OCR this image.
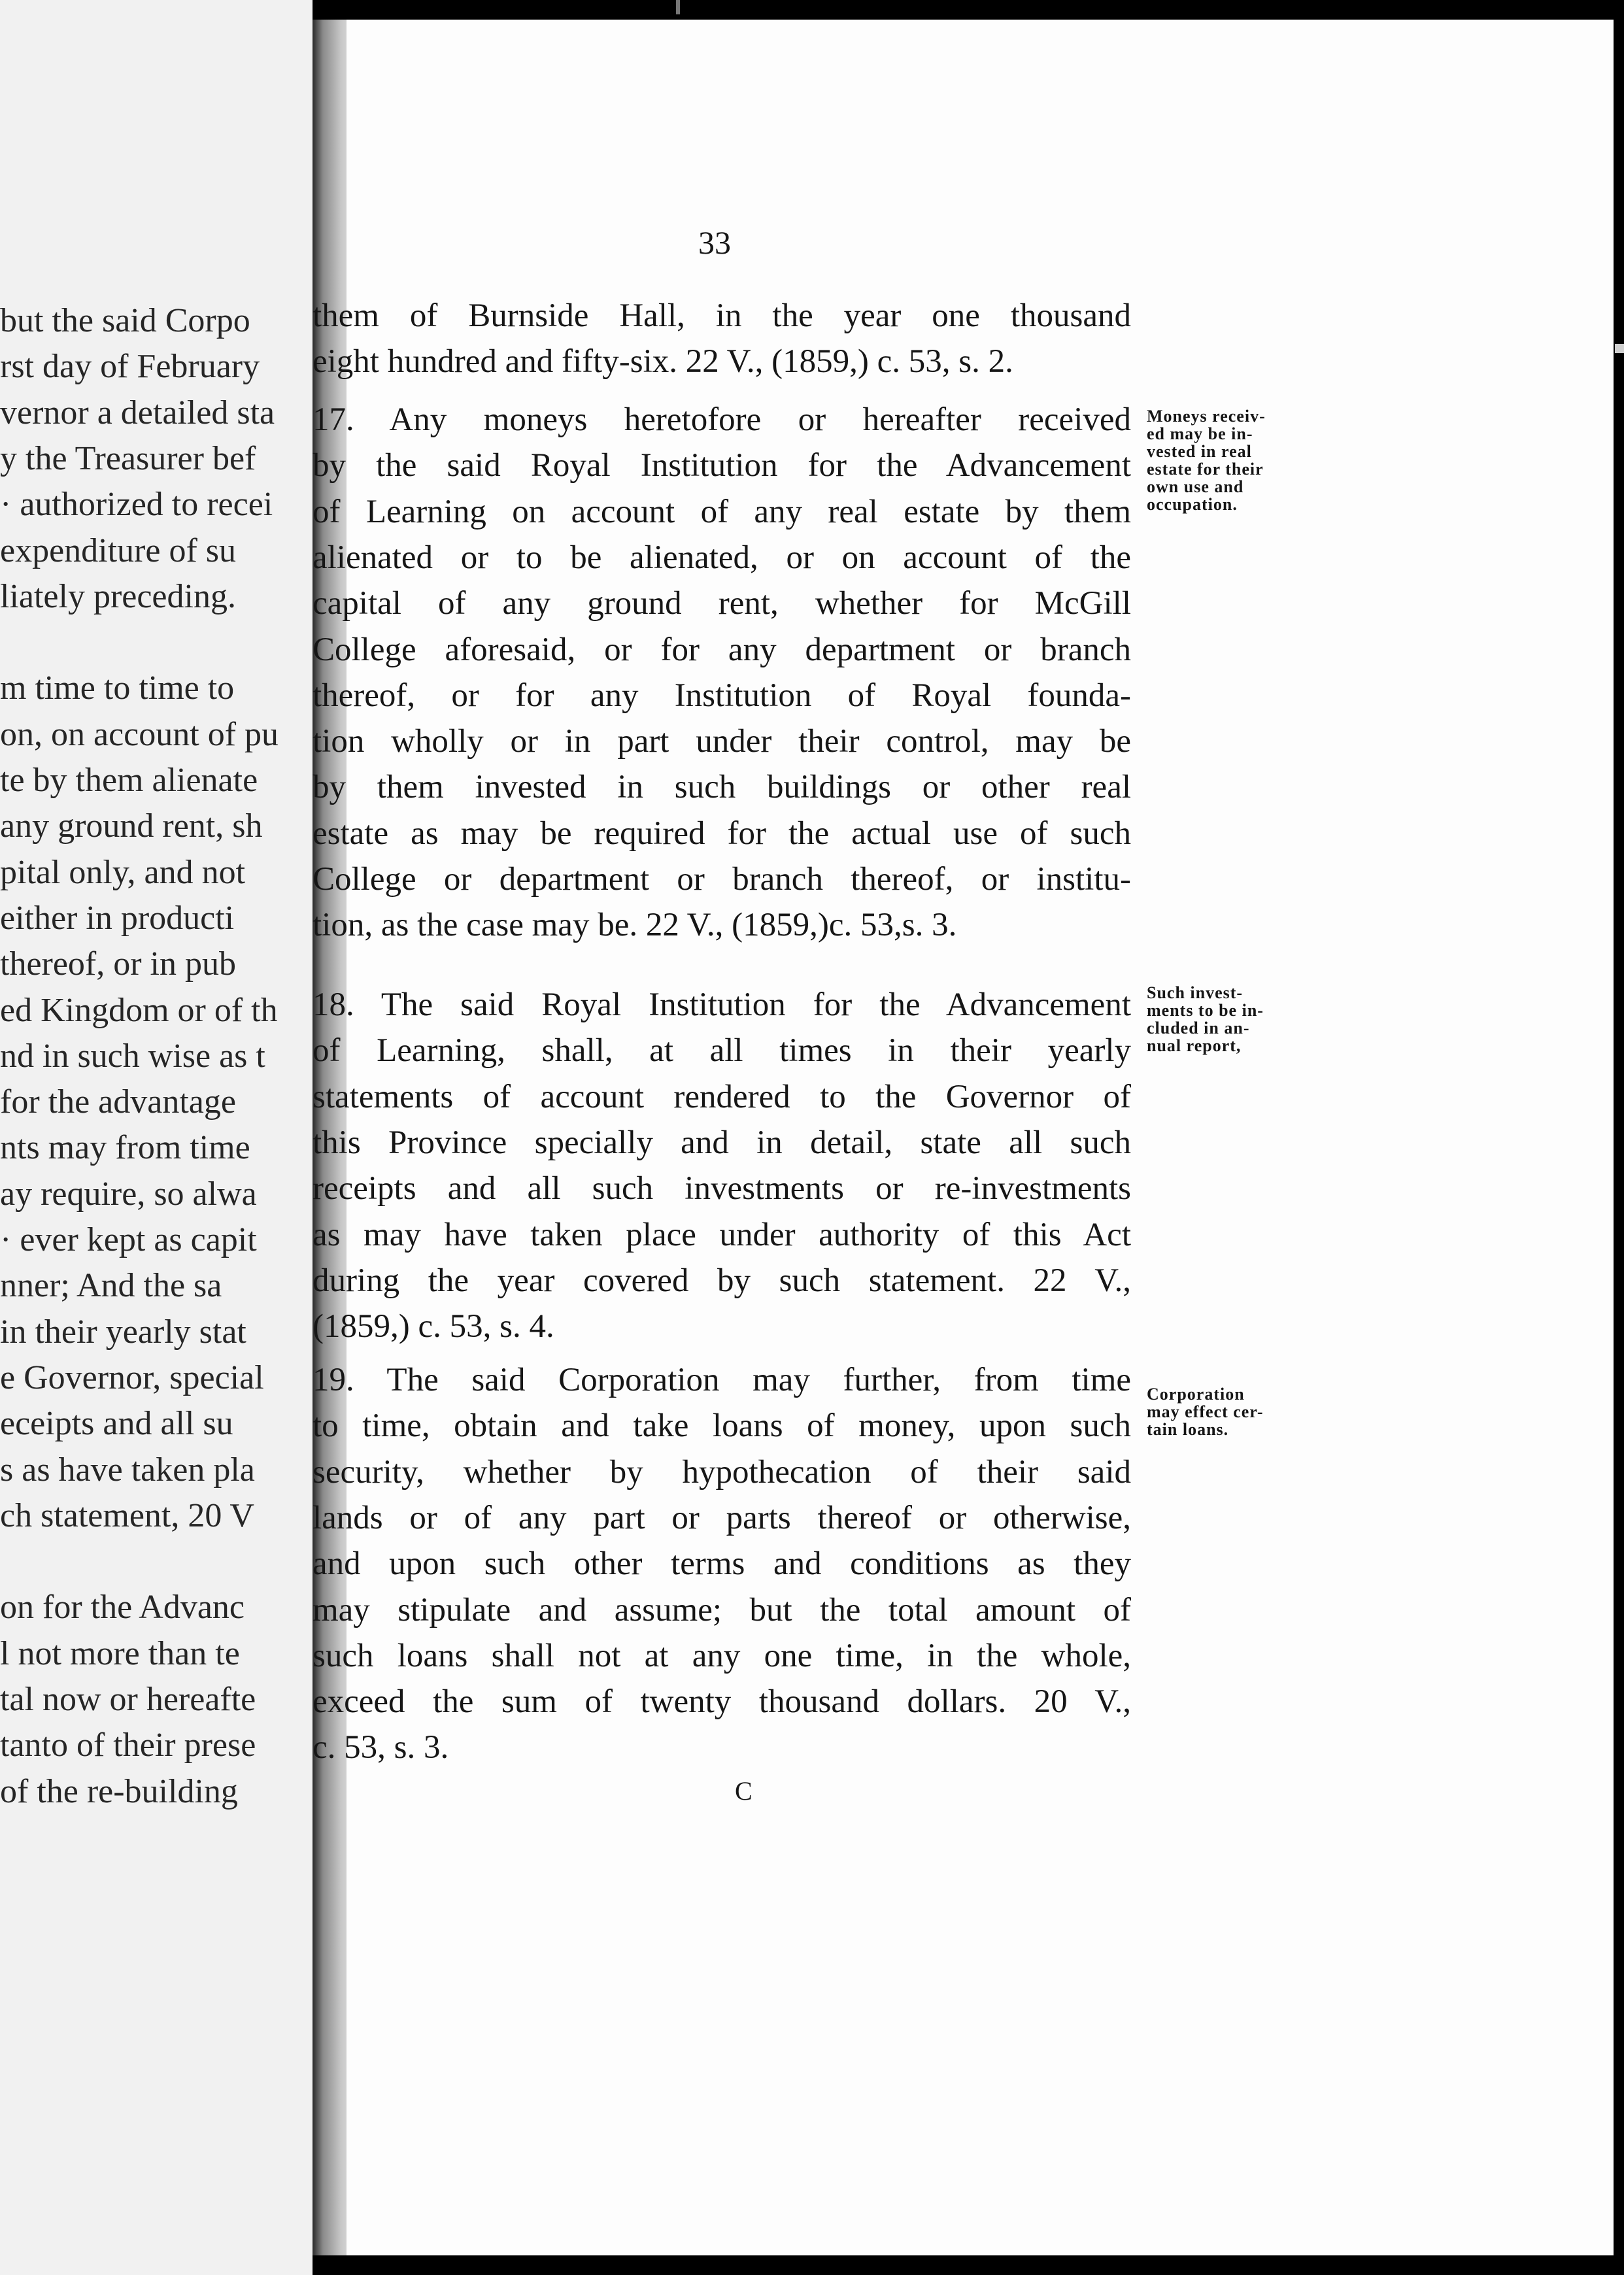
but the said Corpo
rst day of February
vernor a detailed sta
y the Treasurer bef
· authorized to recei
expenditure of su
liately preceding.
m time to time to
on, on account of pu
te by them alienate
any ground rent, sh
pital only, and not
either in producti
thereof, or in pub
ed Kingdom or of th
nd in such wise as t
for the advantage
nts may from time
ay require, so alwa
· ever kept as capit
nner; And the sa
in their yearly stat
e Governor, special
eceipts and all su
s as have taken pla
ch statement, 20 V
on for the Advanc
l not more than te
tal now or hereafte
tanto of their prese
of the re-building
33
them of Burnside Hall, in the year one thousand
eight hundred and fifty-six. 22 V., (1859,) c. 53, s. 2.
17. Any moneys heretofore or hereafter received
by the said Royal Institution for the Advancement
of Learning on account of any real estate by them
alienated or to be alienated, or on account of the
capital of any ground rent, whether for McGill
College aforesaid, or for any department or branch
thereof, or for any Institution of Royal founda-
tion wholly or in part under their control, may be
by them invested in such buildings or other real
estate as may be required for the actual use of such
College or department or branch thereof, or institu-
tion, as the case may be. 22 V., (1859,)c. 53,s. 3.
Moneys receiv-
ed may be in-
vested in real
estate for their
own use and
occupation.
18. The said Royal Institution for the Advancement
of Learning, shall, at all times in their yearly
statements of account rendered to the Governor of
this Province specially and in detail, state all such
receipts and all such investments or re-investments
as may have taken place under authority of this Act
during the year covered by such statement. 22 V.,
(1859,) c. 53, s. 4.
Such invest-
ments to be in-
cluded in an-
nual report,
19. The said Corporation may further, from time
to time, obtain and take loans of money, upon such
security, whether by hypothecation of their said
lands or of any part or parts thereof or otherwise,
and upon such other terms and conditions as they
may stipulate and assume; but the total amount of
such loans shall not at any one time, in the whole,
exceed the sum of twenty thousand dollars. 20 V.,
c. 53, s. 3.
Corporation
may effect cer-
tain loans.
C
